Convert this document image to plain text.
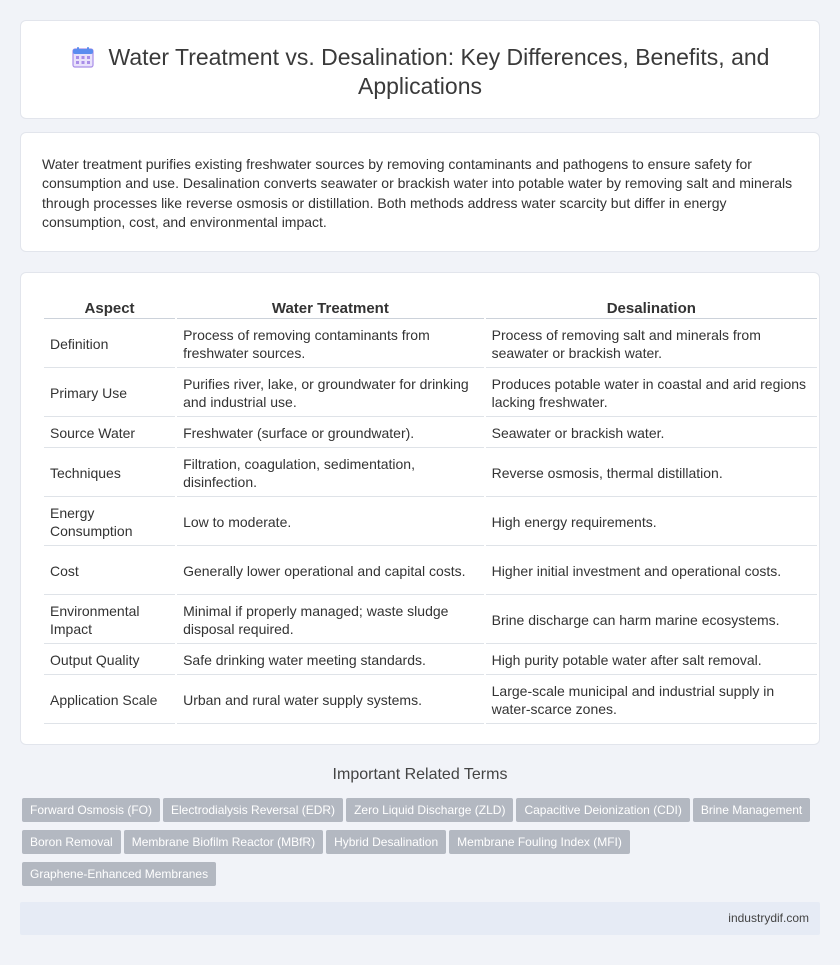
Water Treatment vs. Desalination: Key Differences, Benefits, and Applications

Water treatment purifies existing freshwater sources by removing contaminants and pathogens to ensure safety for consumption and use. Desalination converts seawater or brackish water into potable water by removing salt and minerals through processes like reverse osmosis or distillation. Both methods address water scarcity but differ in energy consumption, cost, and environmental impact.

Aspect	Water Treatment	Desalination
Definition	Process of removing contaminants from freshwater sources.	Process of removing salt and minerals from seawater or brackish water.
Primary Use	Purifies river, lake, or groundwater for drinking and industrial use.	Produces potable water in coastal and arid regions lacking freshwater.
Source Water	Freshwater (surface or groundwater).	Seawater or brackish water.
Techniques	Filtration, coagulation, sedimentation, disinfection.	Reverse osmosis, thermal distillation.
Energy Consumption	Low to moderate.	High energy requirements.
Cost	Generally lower operational and capital costs.	Higher initial investment and operational costs.
Environmental Impact	Minimal if properly managed; waste sludge disposal required.	Brine discharge can harm marine ecosystems.
Output Quality	Safe drinking water meeting standards.	High purity potable water after salt removal.
Application Scale	Urban and rural water supply systems.	Large-scale municipal and industrial supply in water-scarce zones.
Important Related Terms
Forward Osmosis (FO) Electrodialysis Reversal (EDR) Zero Liquid Discharge (ZLD) Capacitive Deionization (CDI) Brine ManagementBoron Removal Membrane Biofilm Reactor (MBfR) Hybrid Desalination Membrane Fouling Index (MFI)Graphene-Enhanced Membranes
industrydif.com
